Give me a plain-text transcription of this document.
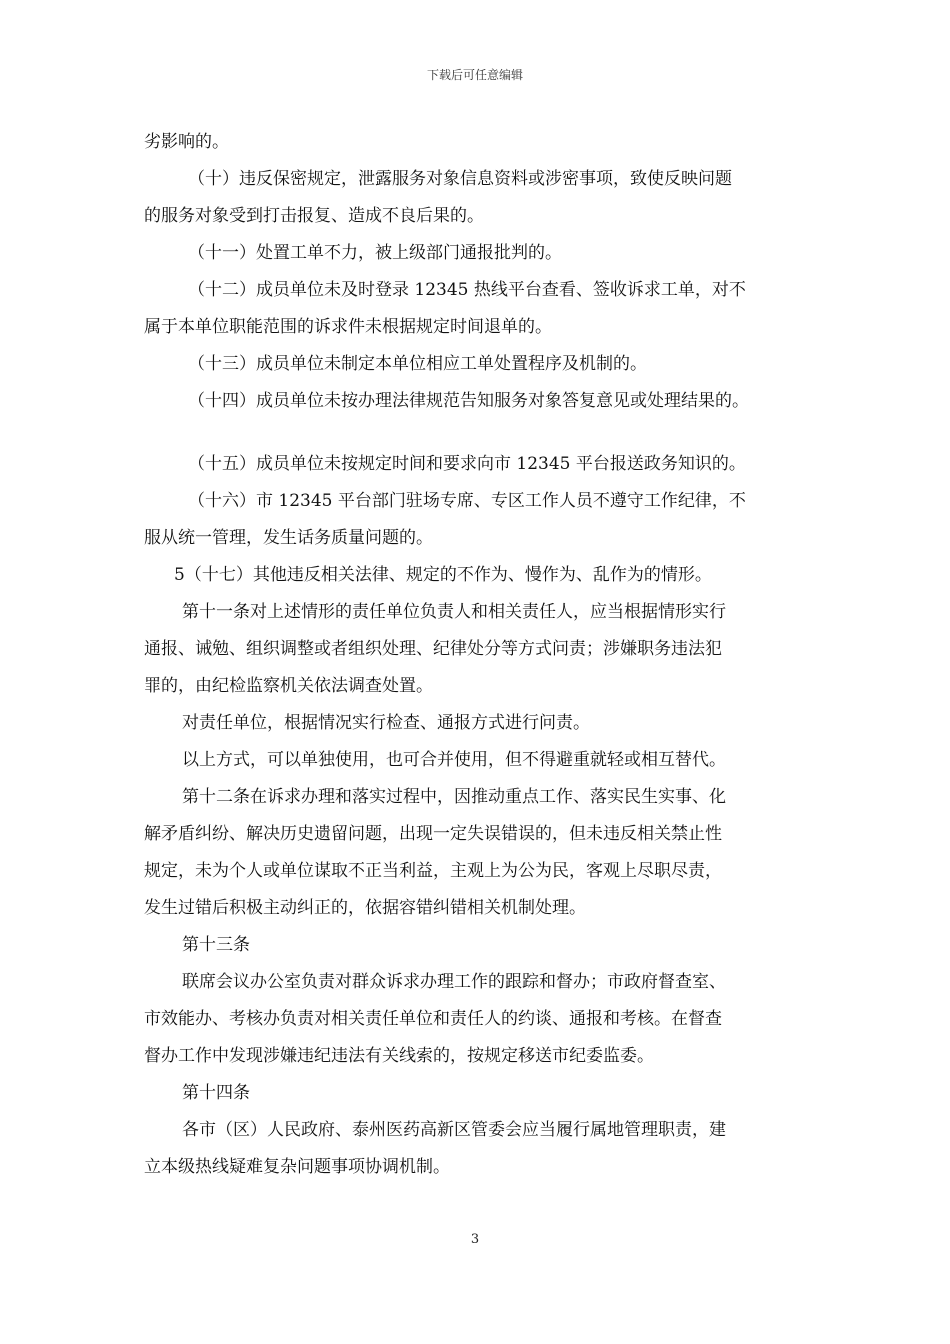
下载后可任意编辑
劣影响的。
（十）违反保密规定，泄露服务对象信息资料或涉密事项，致使反映问题
的服务对象受到打击报复、造成不良后果的。
（十一）处置工单不力，被上级部门通报批判的。
（十二）成员单位未及时登录 12345 热线平台查看、签收诉求工单，对不
属于本单位职能范围的诉求件未根据规定时间退单的。
（十三）成员单位未制定本单位相应工单处置程序及机制的。
（十四）成员单位未按办理法律规范告知服务对象答复意见或处理结果的。
（十五）成员单位未按规定时间和要求向市 12345 平台报送政务知识的。
（十六）市 12345 平台部门驻场专席、专区工作人员不遵守工作纪律，不
服从统一管理，发生话务质量问题的。
5（十七）其他违反相关法律、规定的不作为、慢作为、乱作为的情形。
第十一条对上述情形的责任单位负责人和相关责任人，应当根据情形实行
通报、诫勉、组织调整或者组织处理、纪律处分等方式问责；涉嫌职务违法犯
罪的，由纪检监察机关依法调查处置。
对责任单位，根据情况实行检查、通报方式进行问责。
以上方式，可以单独使用，也可合并使用，但不得避重就轻或相互替代。
第十二条在诉求办理和落实过程中，因推动重点工作、落实民生实事、化
解矛盾纠纷、解决历史遗留问题，出现一定失误错误的，但未违反相关禁止性
规定，未为个人或单位谋取不正当利益，主观上为公为民，客观上尽职尽责，
发生过错后积极主动纠正的，依据容错纠错相关机制处理。
第十三条
联席会议办公室负责对群众诉求办理工作的跟踪和督办；市政府督查室、
市效能办、考核办负责对相关责任单位和责任人的约谈、通报和考核。在督查
督办工作中发现涉嫌违纪违法有关线索的，按规定移送市纪委监委。
第十四条
各市（区）人民政府、泰州医药高新区管委会应当履行属地管理职责，建
立本级热线疑难复杂问题事项协调机制。
3
